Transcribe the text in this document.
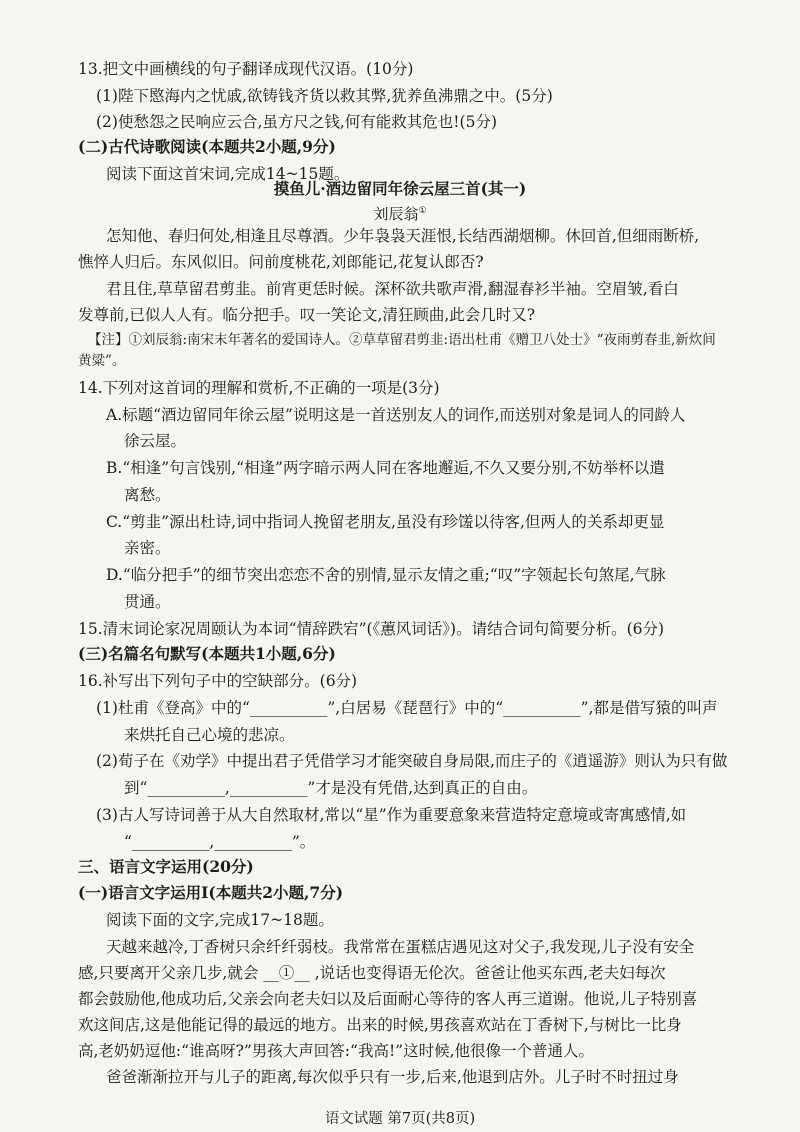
13.把文中画横线的句子翻译成现代汉语。(10分)
(1)陛下愍海内之忧戚,欲铸钱齐货以救其弊,犹养鱼沸鼎之中。(5分)
(2)使愁怨之民响应云合,虽方尺之钱,何有能救其危也!(5分)
(二)古代诗歌阅读(本题共2小题,9分)
阅读下面这首宋词,完成14~15题。
摸鱼儿·酒边留同年徐云屋三首(其一)
刘辰翁①
怎知他、春归何处,相逢且尽尊酒。少年袅袅天涯恨,长结西湖烟柳。休回首,但细雨断桥,
憔悴人归后。东风似旧。问前度桃花,刘郎能记,花复认郎否?
君且住,草草留君剪韭。前宵更恁时候。深杯欲共歌声滑,翻湿春衫半袖。空眉皱,看白
发尊前,已似人人有。临分把手。叹一笑论文,清狂顾曲,此会几时又?
【注】①刘辰翁:南宋末年著名的爱国诗人。②草草留君剪韭:语出杜甫《赠卫八处士》“夜雨剪春韭,新炊间
黄粱”。
14.下列对这首词的理解和赏析,不正确的一项是(3分)
A.标题“酒边留同年徐云屋”说明这是一首送别友人的词作,而送别对象是词人的同龄人
徐云屋。
B.“相逢”句言饯别,“相逢”两字暗示两人同在客地邂逅,不久又要分别,不妨举杯以遣
离愁。
C.“剪韭”源出杜诗,词中指词人挽留老朋友,虽没有珍馐以待客,但两人的关系却更显
亲密。
D.“临分把手”的细节突出恋恋不舍的别情,显示友情之重;“叹”字领起长句煞尾,气脉
贯通。
15.清末词论家况周颐认为本词“情辞跌宕”(《蕙风词话》)。请结合词句简要分析。(6分)
(三)名篇名句默写(本题共1小题,6分)
16.补写出下列句子中的空缺部分。(6分)
(1)杜甫《登高》中的“__________”,白居易《琵琶行》中的“__________”,都是借写猿的叫声
来烘托自己心境的悲凉。
(2)荀子在《劝学》中提出君子凭借学习才能突破自身局限,而庄子的《逍遥游》则认为只有做
到“__________,__________”才是没有凭借,达到真正的自由。
(3)古人写诗词善于从大自然取材,常以“星”作为重要意象来营造特定意境或寄寓感情,如
“__________,__________”。
三、语言文字运用(20分)
(一)语言文字运用Ⅰ(本题共2小题,7分)
阅读下面的文字,完成17~18题。
天越来越冷,丁香树只余纤纤弱枝。我常常在蛋糕店遇见这对父子,我发现,儿子没有安全
感,只要离开父亲几步,就会 __①__ ,说话也变得语无伦次。爸爸让他买东西,老夫妇每次
都会鼓励他,他成功后,父亲会向老夫妇以及后面耐心等待的客人再三道谢。他说,儿子特别喜
欢这间店,这是他能记得的最远的地方。出来的时候,男孩喜欢站在丁香树下,与树比一比身
高,老奶奶逗他:“谁高呀?”男孩大声回答:“我高!”这时候,他很像一个普通人。
爸爸渐渐拉开与儿子的距离,每次似乎只有一步,后来,他退到店外。儿子时不时扭过身
语文试题 第7页(共8页)
